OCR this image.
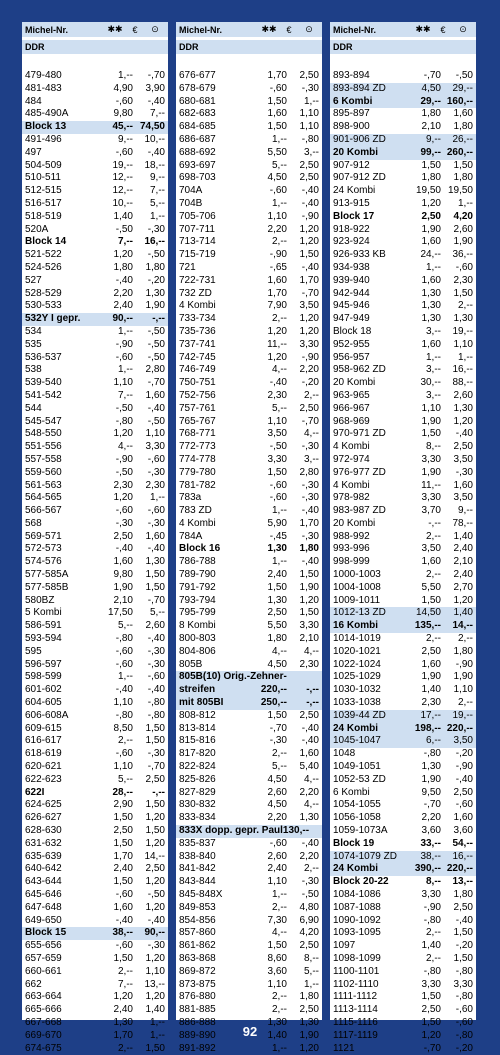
Michel-Nr.	✱✱	€	⊙
DDR
479-480	1,--	-,70
481-483	4,90	3,90
484	-,60	-,40
485-490A	9,80	7,--
Block 13	45,-- 74,50
491-496	9,--	10,--
497	-,60	-,40
504-509	19,--	18,--
510-511	12,--	9,--
512-515	12,--	7,--
516-517	10,--	5,--
518-519	1,40	1,--
520A	-,50	-,30
Block 14	7,--	16,--
521-522	1,20	-,50
524-526	1,80	1,80
527	-,40	-,20
528-529	2,20	1,30
530-533	2,40	1,90
532Y I gepr.	90,--	-,--
534	1,--	-,50
535	-,90	-,50
536-537	-,60	-,50
538	1,--	2,80
539-540	1,10	-,70
541-542	7,--	1,60
544	-,50	-,40
545-547	-,80	-,50
548-550	1,20	1,10
551-556	4,--	3,30
557-558	-,90	-,60
559-560	-,50	-,30
561-563	2,30	2,30
564-565	1,20	1,--
566-567	-,60	-,60
568	-,30	-,30
569-571	2,50	1,60
572-573	-,40	-,40
574-576	1,60	1,30
577-585A	9,80	1,50
577-585B	1,90	1,50
580BZ	2,10	-,70
5 Kombi	17,50	5,--
586-591	5,--	2,60
593-594	-,80	-,40
595	-,60	-,30
596-597	-,60	-,30
598-599	1,--	-,60
601-602	-,40	-,40
604-605	1,10	-,80
606-608A	-,80	-,80
609-615	8,50	1,50
616-617	2,--	1,50
618-619	-,60	-,30
620-621	1,10	-,70
622-623	5,--	2,50
622I	28,--	-,--
624-625	2,90	1,50
626-627	1,50	1,20
628-630	2,50	1,50
631-632	1,50	1,20
635-639	1,70	14,--
640-642	2,40	2,50
643-644	1,50	1,20
645-646	-,60	-,50
647-648	1,60	1,20
649-650	-,40	-,40
Block 15	38,--	90,--
655-656	-,60	-,30
657-659	1,50	1,20
660-661	2,--	1,10
662	7,--	13,--
663-664	1,20	1,20
665-666	2,40	1,40
667-668	1,30	1,--
669-670	1,70	1,--
674-675	2,--	1,50
Michel-Nr.	✱✱	€	⊙
DDR
676-677	1,70	2,50
678-679	-,60	-,30
680-681	1,50	1,--
682-683	1,60	1,10
684-685	1,50	1,10
686-687	1,--	-,80
688-692	5,50	3,--
693-697	5,--	2,50
698-703	4,50	2,50
704A	-,60	-,40
704B	1,--	-,40
705-706	1,10	-,90
707-711	2,20	1,20
713-714	2,--	1,20
715-719	-,90	1,50
721	-,65	-,40
722-731	1,60	1,70
732 ZD	1,70	-,70
4 Kombi	7,90	3,50
733-734	2,--	1,20
735-736	1,20	1,20
737-741	11,--	3,30
742-745	1,20	-,90
746-749	4,--	2,20
750-751	-,40	-,20
752-756	2,30	2,--
757-761	5,--	2,50
765-767	1,10	-,70
768-771	3,50	4,--
772-773	-,50	-,30
774-778	3,30	3,--
779-780	1,50	2,80
781-782	-,60	-,30
783a	-,60	-,30
783 ZD	1,--	-,40
4 Kombi	5,90	1,70
784A	-,45	-,30
Block 16	1,30	1,80
786-788	1,--	-,40
789-790	2,40	1,50
791-792	1,50	1,90
793-794	1,30	1,20
795-799	2,50	1,50
8 Kombi	5,50	3,30
800-803	1,80	2,10
804-806	4,--	4,--
805B	4,50	2,30
805B(10) Orig.-Zehner-
streifen	220,--	-,--
mit 805BI	250,--	-,--
808-812	1,50	2,50
813-814	-,70	-,40
815-816	-,30	-,40
817-820	2,--	1,60
822-824	5,--	5,40
825-826	4,50	4,--
827-829	2,60	2,20
830-832	4,50	4,--
833-834	2,20	1,30
833X dopp. gepr. Paul 130,--
835-837	-,60	-,40
838-840	2,60	2,20
841-842	2,40	2,--
843-844	1,10	-,30
845-848X	1,--	-,50
849-853	2,--	4,80
854-856	7,30	6,90
857-860	4,--	4,20
861-862	1,50	2,50
863-868	8,60	8,--
869-872	3,60	5,--
873-875	1,10	1,--
876-880	2,--	1,80
881-885	2,--	2,50
886-888	1,30	1,30
889-890	1,40	1,90
891-892	1,--	1,20
Michel-Nr.	✱✱	€	⊙
DDR
893-894	-,70	-,50
893-894 ZD	4,50	29,--
6 Kombi	29,-- 160,--
895-897	1,80	1,60
898-900	2,10	1,80
901-906 ZD	9,--	26,--
20 Kombi	99,-- 260,--
907-912	1,50	1,50
907-912 ZD	1,80	1,80
24 Kombi	19,50 19,50
913-915	1,20	1,--
Block 17	2,50	4,20
918-922	1,90	2,60
923-924	1,60	1,90
926-933 KB	24,--	36,--
934-938	1,--	-,60
939-940	1,60	2,30
942-944	1,30	1,50
945-946	1,30	2,--
947-949	1,30	1,30
Block 18	3,--	19,--
952-955	1,60	1,10
956-957	1,--	1,--
958-962 ZD	3,--	16,--
20 Kombi	30,--	88,--
963-965	3,--	2,60
966-967	1,10	1,30
968-969	1,90	1,20
970-971 ZD	1,50	-,40
4 Kombi	8,--	2,50
972-974	3,30	3,50
976-977 ZD	1,90	-,30
4 Kombi	11,--	1,60
978-982	3,30	3,50
983-987 ZD	3,70	9,--
20 Kombi	-,--	78,--
988-992	2,--	1,40
993-996	3,50	2,40
998-999	1,60	2,10
1000-1003	2,--	2,40
1004-1008	5,50	2,70
1009-1011	1,50	1,20
1012-13 ZD	14,50	1,40
16 Kombi	135,--	14,--
1014-1019	2,--	2,--
1020-1021	2,50	1,80
1022-1024	1,60	-,90
1025-1029	1,90	1,90
1030-1032	1,40	1,10
1033-1038	2,30	2,--
1039-44 ZD	17,--	19,--
24 Kombi	198,-- 220,--
1045-1047	6,--	3,50
1048	-,80	-,20
1049-1051	1,30	-,90
1052-53 ZD	1,90	-,40
6 Kombi	9,50	2,50
1054-1055	-,70	-,60
1056-1058	2,20	1,60
1059-1073A	3,60	3,60
Block 19	33,--	54,--
1074-1079 ZD	38,--	16,--
24 Kombi	390,-- 220,--
Block 20-22	8,--	13,--
1084-1086	3,30	1,80
1087-1088	-,90	2,50
1090-1092	-,80	-,40
1093-1095	2,--	1,50
1097	1,40	-,20
1098-1099	2,--	1,50
1100-1101	-,80	-,80
1102-1110	3,30	3,30
1111-1112	1,50	-,80
1113-1114	2,50	-,60
1115-1116	1,50	-,60
1117-1119	1,20	-,80
1121	-,70	-,20
92
